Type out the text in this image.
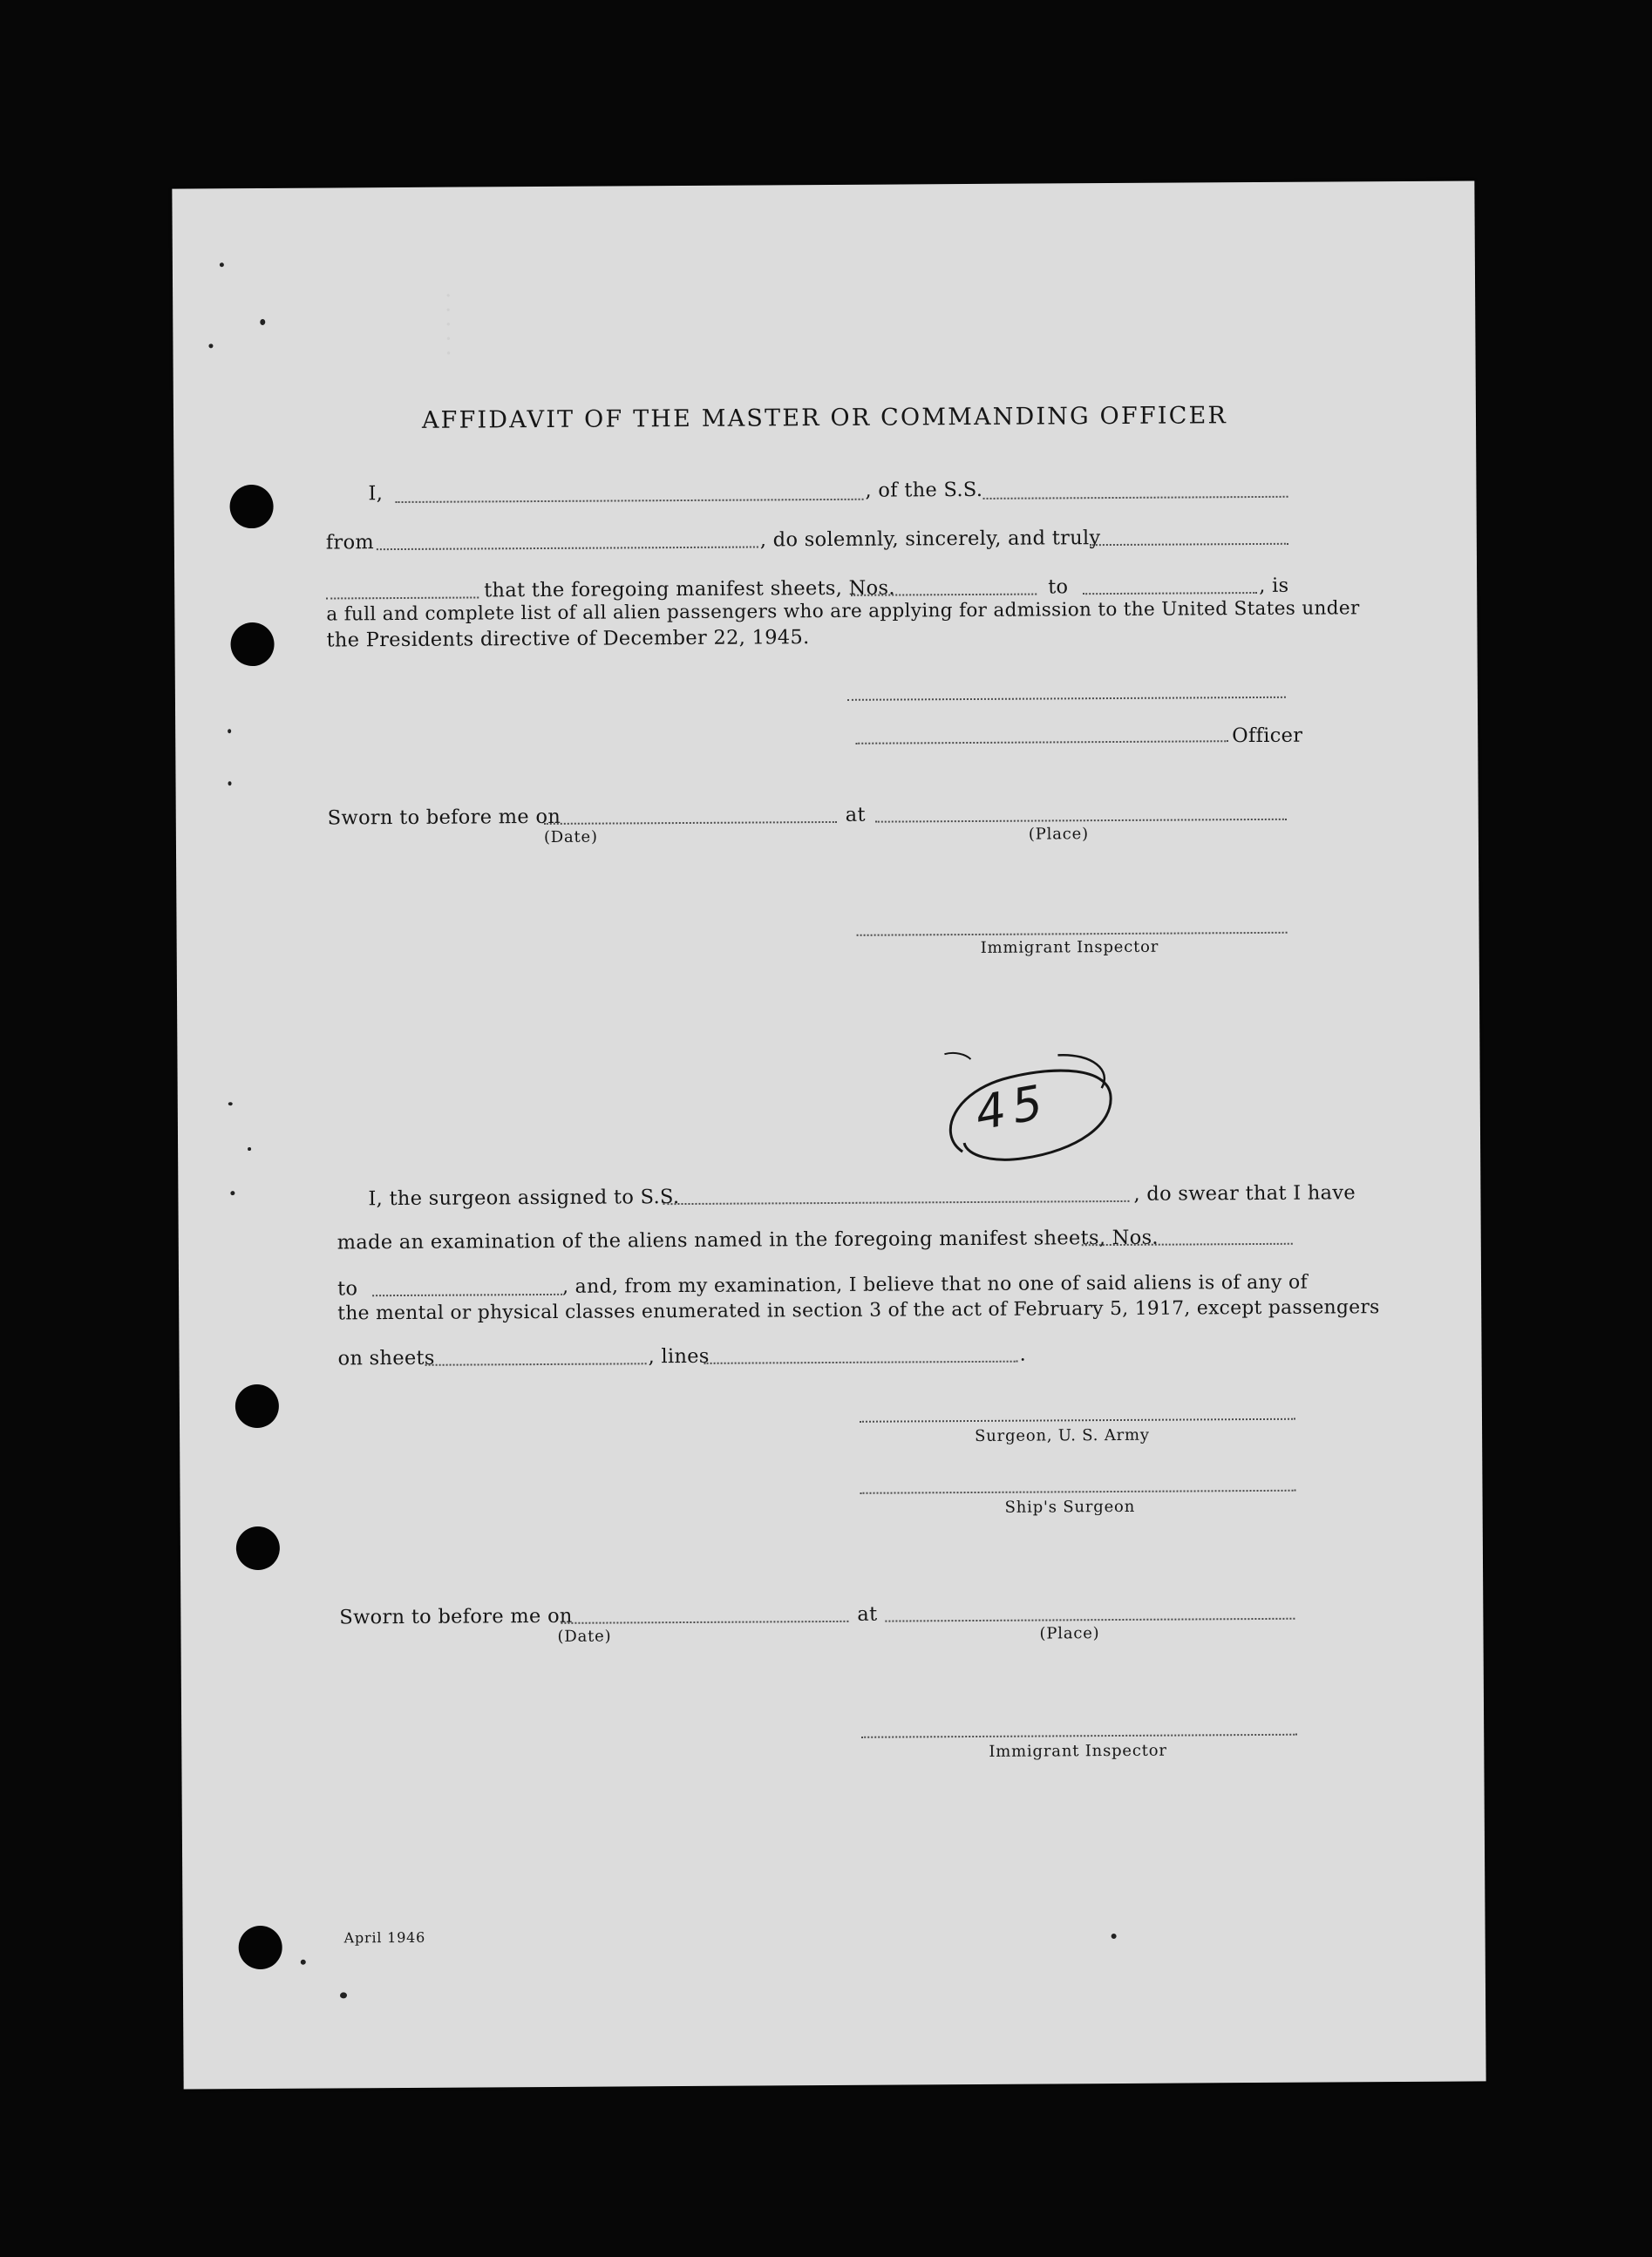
· · · · ·
AFFIDAVIT OF THE MASTER OR COMMANDING OFFICER
I,	, of the S.S.
from	, do solemnly, sincerely, and truly
that the foregoing manifest sheets, Nos.	to	, is
a full and complete list of all alien passengers who are applying for admission to the United States under
the Presidents directive of December 22, 1945.
Officer
Sworn to before me on	at
(Date)	(Place)
Immigrant Inspector
45
I, the surgeon assigned to S.S.	, do swear that I have
made an examination of the aliens named in the foregoing manifest sheets, Nos.
to	, and, from my examination, I believe that no one of said aliens is of any of
the mental or physical classes enumerated in section 3 of the act of February 5, 1917, except passengers
on sheets	, lines	.
Surgeon, U. S. Army
Ship's Surgeon
Sworn to before me on	at
(Date)	(Place)
Immigrant Inspector
April 1946
